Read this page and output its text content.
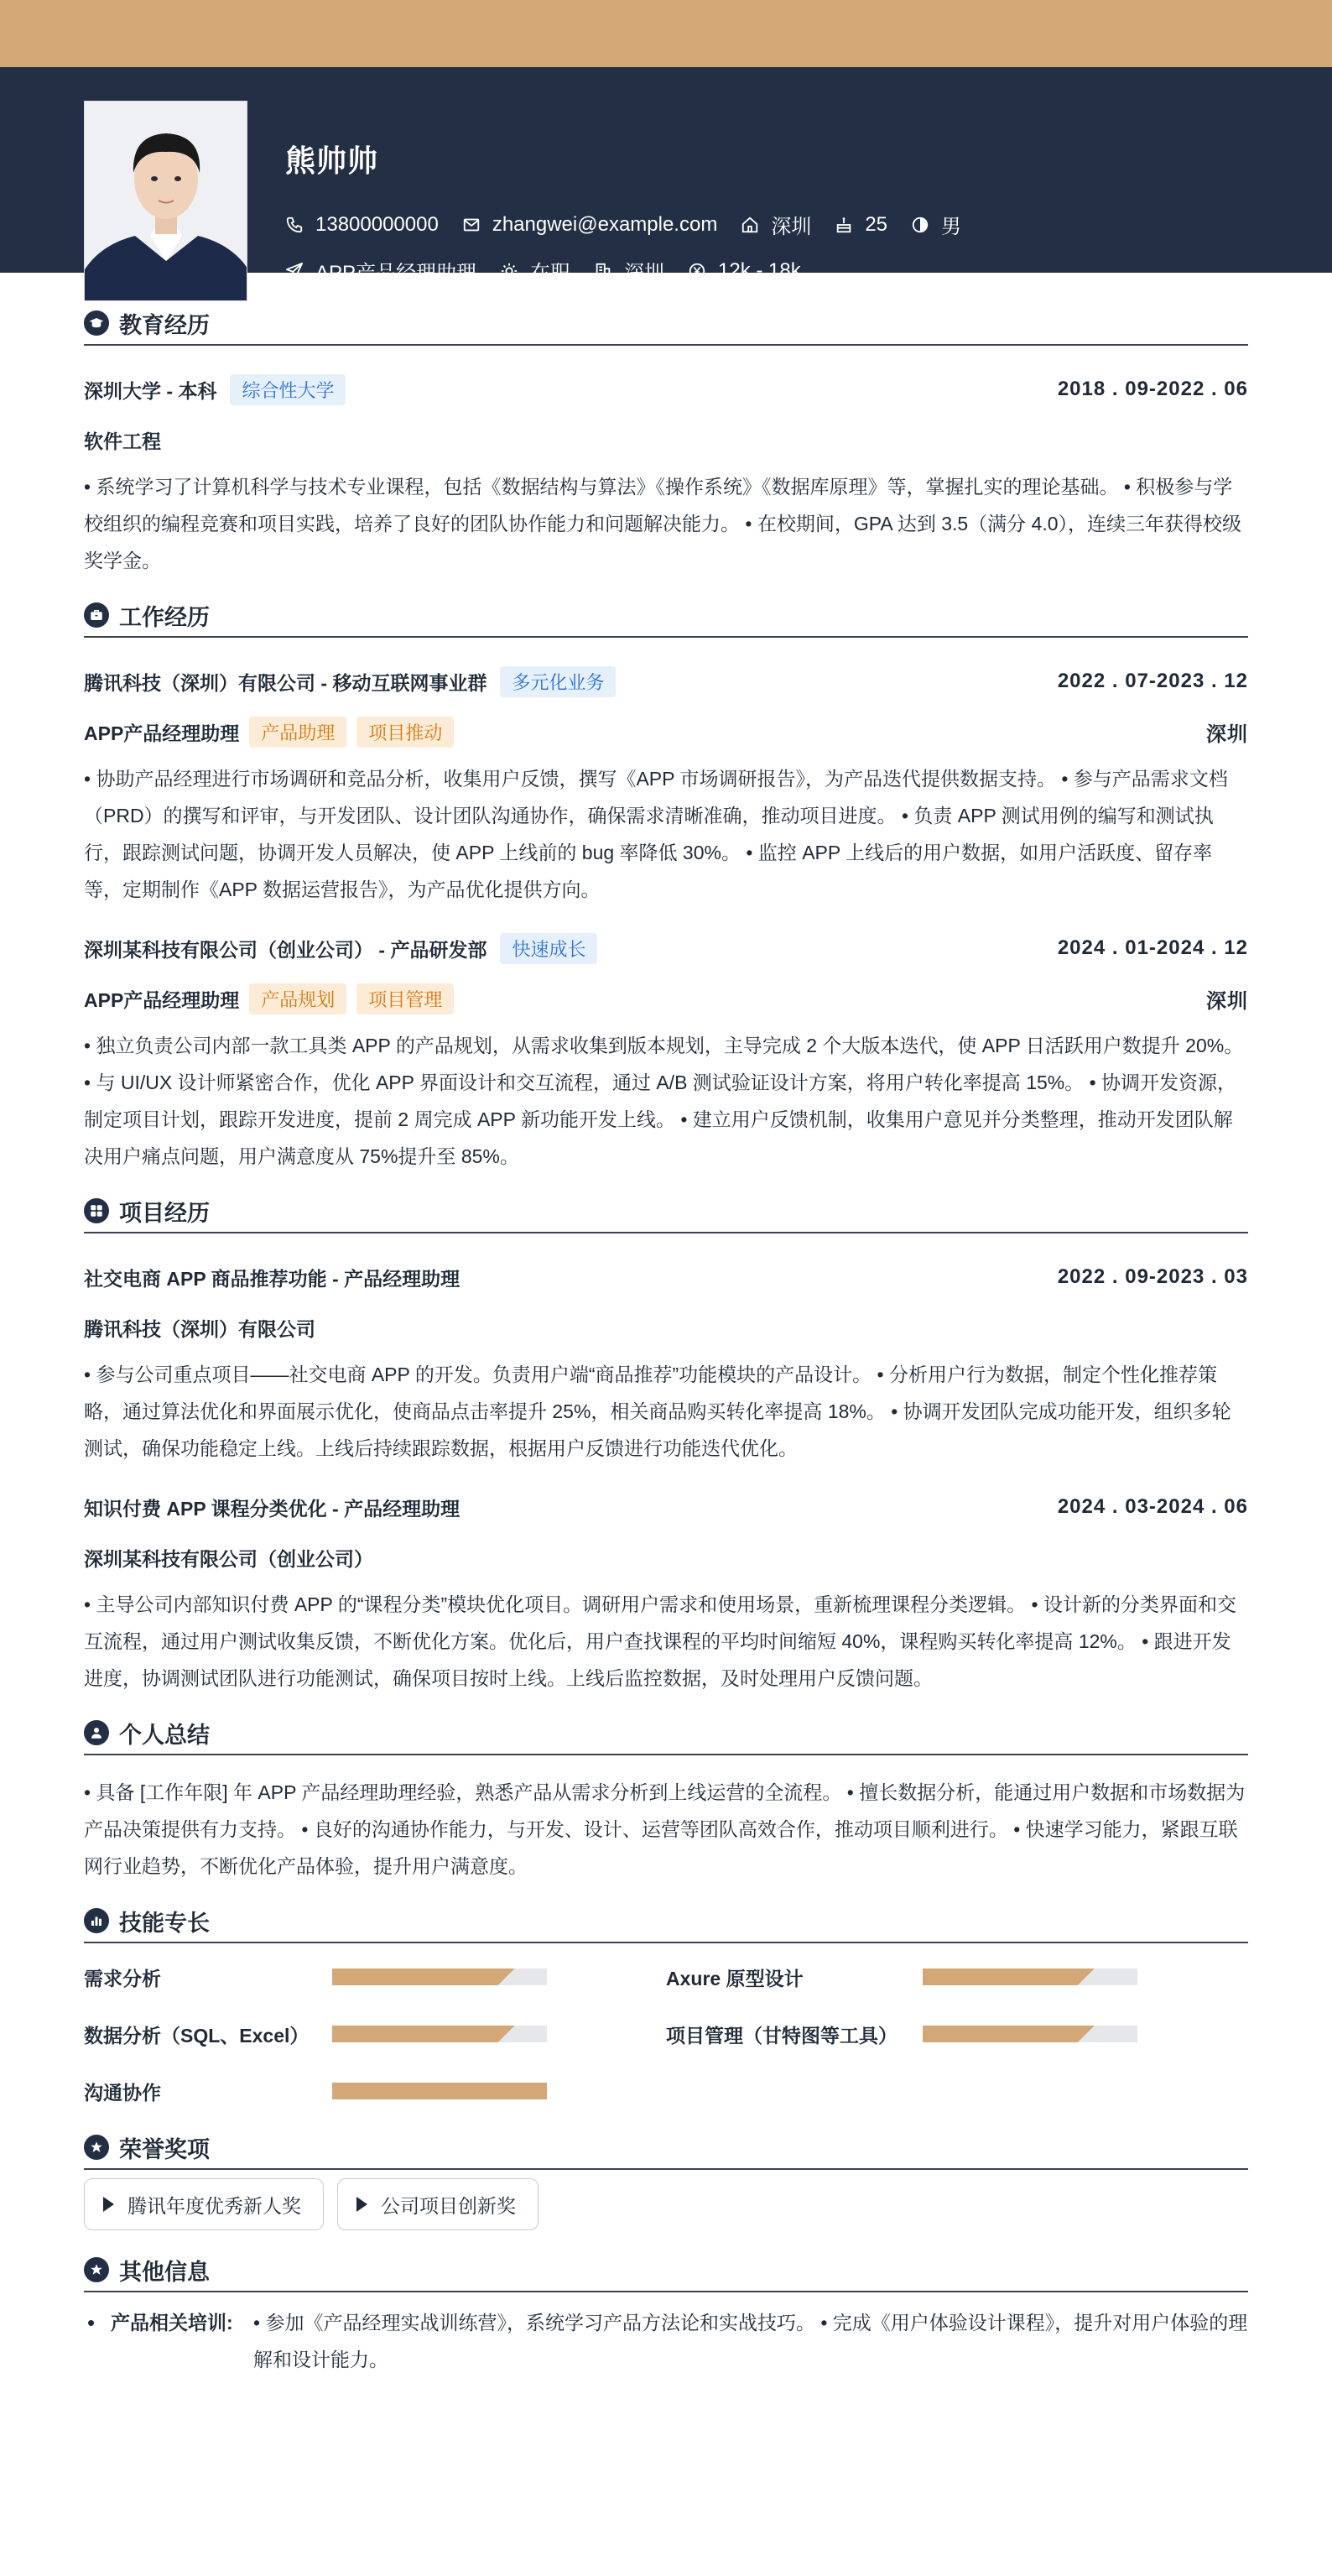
熊帅帅
13800000000	zhangwei@example.com	深圳	25	男
APP产品经理助理	在职	深圳	12k - 18k
教育经历
深圳大学 - 本科	综合性大学	2018 . 09-2022 . 06
软件工程
• 系统学习了计算机科学与技术专业课程，包括《数据结构与算法》《操作系统》《数据库原理》等，掌握扎实的理论基础。 • 积极参与学校组织的编程竞赛和项目实践，培养了良好的团队协作能力和问题解决能力。 • 在校期间，GPA 达到 3.5（满分 4.0），连续三年获得校级奖学金。
工作经历
腾讯科技（深圳）有限公司 - 移动互联网事业群	多元化业务	2022 . 07-2023 . 12
APP产品经理助理	产品助理	项目推动	深圳
• 协助产品经理进行市场调研和竞品分析，收集用户反馈，撰写《APP 市场调研报告》，为产品迭代提供数据支持。 • 参与产品需求文档（PRD）的撰写和评审，与开发团队、设计团队沟通协作，确保需求清晰准确，推动项目进度。 • 负责 APP 测试用例的编写和测试执行，跟踪测试问题，协调开发人员解决，使 APP 上线前的 bug 率降低 30%。 • 监控 APP 上线后的用户数据，如用户活跃度、留存率等，定期制作《APP 数据运营报告》，为产品优化提供方向。
深圳某科技有限公司（创业公司） - 产品研发部	快速成长	2024 . 01-2024 . 12
APP产品经理助理	产品规划	项目管理	深圳
• 独立负责公司内部一款工具类 APP 的产品规划，从需求收集到版本规划，主导完成 2 个大版本迭代，使 APP 日活跃用户数提升 20%。 • 与 UI/UX 设计师紧密合作，优化 APP 界面设计和交互流程，通过 A/B 测试验证设计方案，将用户转化率提高 15%。 • 协调开发资源，制定项目计划，跟踪开发进度，提前 2 周完成 APP 新功能开发上线。 • 建立用户反馈机制，收集用户意见并分类整理，推动开发团队解决用户痛点问题，用户满意度从 75%提升至 85%。
项目经历
社交电商 APP 商品推荐功能 - 产品经理助理	2022 . 09-2023 . 03
腾讯科技（深圳）有限公司
• 参与公司重点项目——社交电商 APP 的开发。负责用户端“商品推荐”功能模块的产品设计。 • 分析用户行为数据，制定个性化推荐策略，通过算法优化和界面展示优化，使商品点击率提升 25%，相关商品购买转化率提高 18%。 • 协调开发团队完成功能开发，组织多轮测试，确保功能稳定上线。上线后持续跟踪数据，根据用户反馈进行功能迭代优化。
知识付费 APP 课程分类优化 - 产品经理助理	2024 . 03-2024 . 06
深圳某科技有限公司（创业公司）
• 主导公司内部知识付费 APP 的“课程分类”模块优化项目。调研用户需求和使用场景，重新梳理课程分类逻辑。 • 设计新的分类界面和交互流程，通过用户测试收集反馈，不断优化方案。优化后，用户查找课程的平均时间缩短 40%，课程购买转化率提高 12%。 • 跟进开发进度，协调测试团队进行功能测试，确保项目按时上线。上线后监控数据，及时处理用户反馈问题。
个人总结
• 具备 [工作年限] 年 APP 产品经理助理经验，熟悉产品从需求分析到上线运营的全流程。 • 擅长数据分析，能通过用户数据和市场数据为产品决策提供有力支持。 • 良好的沟通协作能力，与开发、设计、运营等团队高效合作，推动项目顺利进行。 • 快速学习能力，紧跟互联网行业趋势，不断优化产品体验，提升用户满意度。
技能专长
需求分析	Axure 原型设计
数据分析（SQL、Excel）	项目管理（甘特图等工具）
沟通协作
荣誉奖项
腾讯年度优秀新人奖	公司项目创新奖
其他信息
• 产品相关培训:	• 参加《产品经理实战训练营》，系统学习产品方法论和实战技巧。 • 完成《用户体验设计课程》，提升对用户体验的理解和设计能力。
